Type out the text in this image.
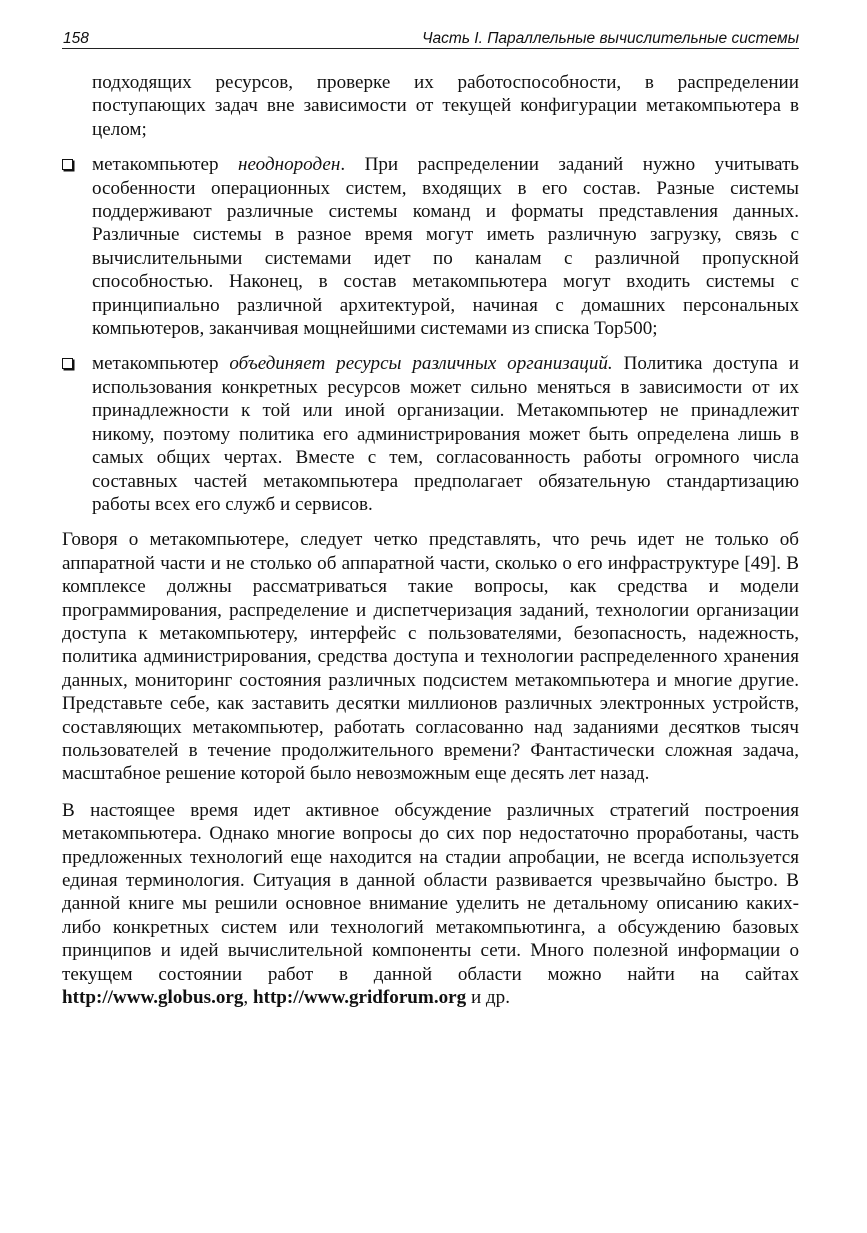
158	Часть I. Параллельные вычислительные системы

подходящих ресурсов, проверке их работоспособности, в распределении поступающих задач вне зависимости от текущей конфигурации метакомпьютера в целом;

метакомпьютер неоднороден. При распределении заданий нужно учитывать особенности операционных систем, входящих в его состав. Разные системы поддерживают различные системы команд и форматы представления данных. Различные системы в разное время могут иметь различную загрузку, связь с вычислительными системами идет по каналам с различной пропускной способностью. Наконец, в состав метакомпьютера могут входить системы с принципиально различной архитектурой, начиная с домашних персональных компьютеров, заканчивая мощнейшими системами из списка Top500;
метакомпьютер объединяет ресурсы различных организаций. Политика доступа и использования конкретных ресурсов может сильно меняться в зависимости от их принадлежности к той или иной организации. Метакомпьютер не принадлежит никому, поэтому политика его администрирования может быть определена лишь в самых общих чертах. Вместе с тем, согласованность работы огромного числа составных частей метакомпьютера предполагает обязательную стандартизацию работы всех его служб и сервисов.

Говоря о метакомпьютере, следует четко представлять, что речь идет не только об аппаратной части и не столько об аппаратной части, сколько о его инфраструктуре [49]. В комплексе должны рассматриваться такие вопросы, как средства и модели программирования, распределение и диспетчеризация заданий, технологии организации доступа к метакомпьютеру, интерфейс с пользователями, безопасность, надежность, политика администрирования, средства доступа и технологии распределенного хранения данных, мониторинг состояния различных подсистем метакомпьютера и многие другие. Представьте себе, как заставить десятки миллионов различных электронных устройств, составляющих метакомпьютер, работать согласованно над заданиями десятков тысяч пользователей в течение продолжительного времени? Фантастически сложная задача, масштабное решение которой было невозможным еще десять лет назад.

В настоящее время идет активное обсуждение различных стратегий построения метакомпьютера. Однако многие вопросы до сих пор недостаточно проработаны, часть предложенных технологий еще находится на стадии апробации, не всегда используется единая терминология. Ситуация в данной области развивается чрезвычайно быстро. В данной книге мы решили основное внимание уделить не детальному описанию каких-либо конкретных систем или технологий метакомпьютинга, а обсуждению базовых принципов и идей вычислительной компоненты сети. Много полезной информации о текущем состоянии работ в данной области можно найти на сайтах http://www.globus.org, http://www.gridforum.org и др.
